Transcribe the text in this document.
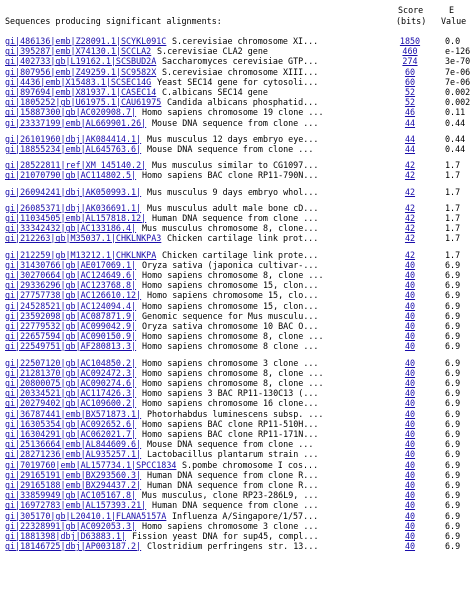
Sequences producing significant alignments:
Score	E
(bits) Value
gi|486136|emb|Z28091.1|SCYKL091C S.cerevisiae chromosome XI...	1850	0.0
gi|395287|emb|X74130.1|SCCLA2 S.cerevisiae CLA2 gene	460	e-126
gi|402733|gb|L19162.1|SCSBUD2A Saccharomyces cerevisiae GTP...	274	3e-70
gi|807956|emb|Z49259.1|SC9582X S.cerevisiae chromosome XIII...	60	7e-06
gi|4436|emb|X15483.1|SCSEC14G Yeast SEC14 gene for cytosoli...	60	7e-06
gi|897694|emb|X81937.1|CASEC14 C.albicans SEC14 gene	52	0.002
gi|1805252|gb|U61975.1|CAU61975 Candida albicans phosphatid...	52	0.002
gi|15887300|gb|AC020908.7| Homo sapiens chromosome 19 clone ...	46	0.11
gi|23337199|emb|AL669901.26| Mouse DNA sequence from clone ...	44	0.44
gi|26101960|dbj|AK084414.1| Mus musculus 12 days embryo eye...	44	0.44
gi|18855234|emb|AL645763.6| Mouse DNA sequence from clone ...	44	0.44
gi|28522811|ref|XM_145140.2| Mus musculus similar to CG1097...	42	1.7
gi|21070790|gb|AC114802.5| Homo sapiens BAC clone RP11-790N...	42	1.7
gi|26094241|dbj|AK050993.1| Mus musculus 9 days embryo whol...	42	1.7
gi|26085371|dbj|AK036691.1| Mus musculus adult male bone cD...	42	1.7
gi|11034505|emb|AL157818.12| Human DNA sequence from clone ...	42	1.7
gi|33342432|gb|AC133186.4| Mus musculus chromosome 8, clone...	42	1.7
gi|212263|gb|M35037.1|CHKLNKPA3 Chicken cartilage link prot...	42	1.7
gi|212259|gb|M13212.1|CHKLNKPA Chicken cartilage link prote...	42	1.7
gi|31430766|gb|AE017069.1| Oryza sativa (japonica cultivar-...	40	6.9
gi|30270664|gb|AC124649.6| Homo sapiens chromosome 8, clone ...	40	6.9
gi|29336296|gb|AC123768.8| Homo sapiens chromosome 15, clon...	40	6.9
gi|27757738|gb|AC126610.12| Homo sapiens chromosome 15, clo...	40	6.9
gi|24528521|gb|AC124094.4| Homo sapiens chromosome 15, clon...	40	6.9
gi|23592098|gb|AC087871.9| Genomic sequence for Mus musculu...	40	6.9
gi|22779532|gb|AC099042.9| Oryza sativa chromosome 10 BAC O...	40	6.9
gi|22657594|gb|AC090150.9| Homo sapiens chromosome 8, clone ...	40	6.9
gi|22549751|gb|AF280813.3| Homo sapiens chromosome 8 clone ...	40	6.9
gi|22507120|gb|AC104850.2| Homo sapiens chromosome 3 clone ...	40	6.9
gi|21281370|gb|AC092472.3| Homo sapiens chromosome 8, clone ...	40	6.9
gi|20800075|gb|AC090274.6| Homo sapiens chromosome 8, clone ...	40	6.9
gi|20334521|gb|AC117426.3| Homo sapiens 3 BAC RP11-130C13 (...	40	6.9
gi|20279402|gb|AC109600.2| Homo sapiens chromosome 16 clone...	40	6.9
gi|36787441|emb|BX571873.1| Photorhabdus luminescens subsp. ...	40	6.9
gi|16305354|gb|AC092652.6| Homo sapiens BAC clone RP11-510H...	40	6.9
gi|16304291|gb|AC062021.7| Homo sapiens BAC clone RP11-171N...	40	6.9
gi|25136664|emb|AL844609.6| Mouse DNA sequence from clone ...	40	6.9
gi|28271236|emb|AL935257.1| Lactobacillus plantarum strain ...	40	6.9
gi|7019760|emb|AL157734.1|SPCC1834 S.pombe chromosome I cos...	40	6.9
gi|29165191|emb|BX293560.3| Human DNA sequence from clone R...	40	6.9
gi|29165188|emb|BX294437.2| Human DNA sequence from clone R...	40	6.9
gi|33859949|gb|AC105167.8| Mus musculus, clone RP23-286L9, ...	40	6.9
gi|16972783|emb|AL157393.21| Human DNA sequence from clone ...	40	6.9
gi|305170|gb|L20410.1|FLANA5157A Influenza A/Singapore/1/57...	40	6.9
gi|22328991|gb|AC092053.3| Homo sapiens chromosome 3 clone ...	40	6.9
gi|1881398|dbj|D63883.1| Fission yeast DNA for sup45, compl...	40	6.9
gi|18146725|dbj|AP003187.2| Clostridium perfringens str. 13...	40	6.9
